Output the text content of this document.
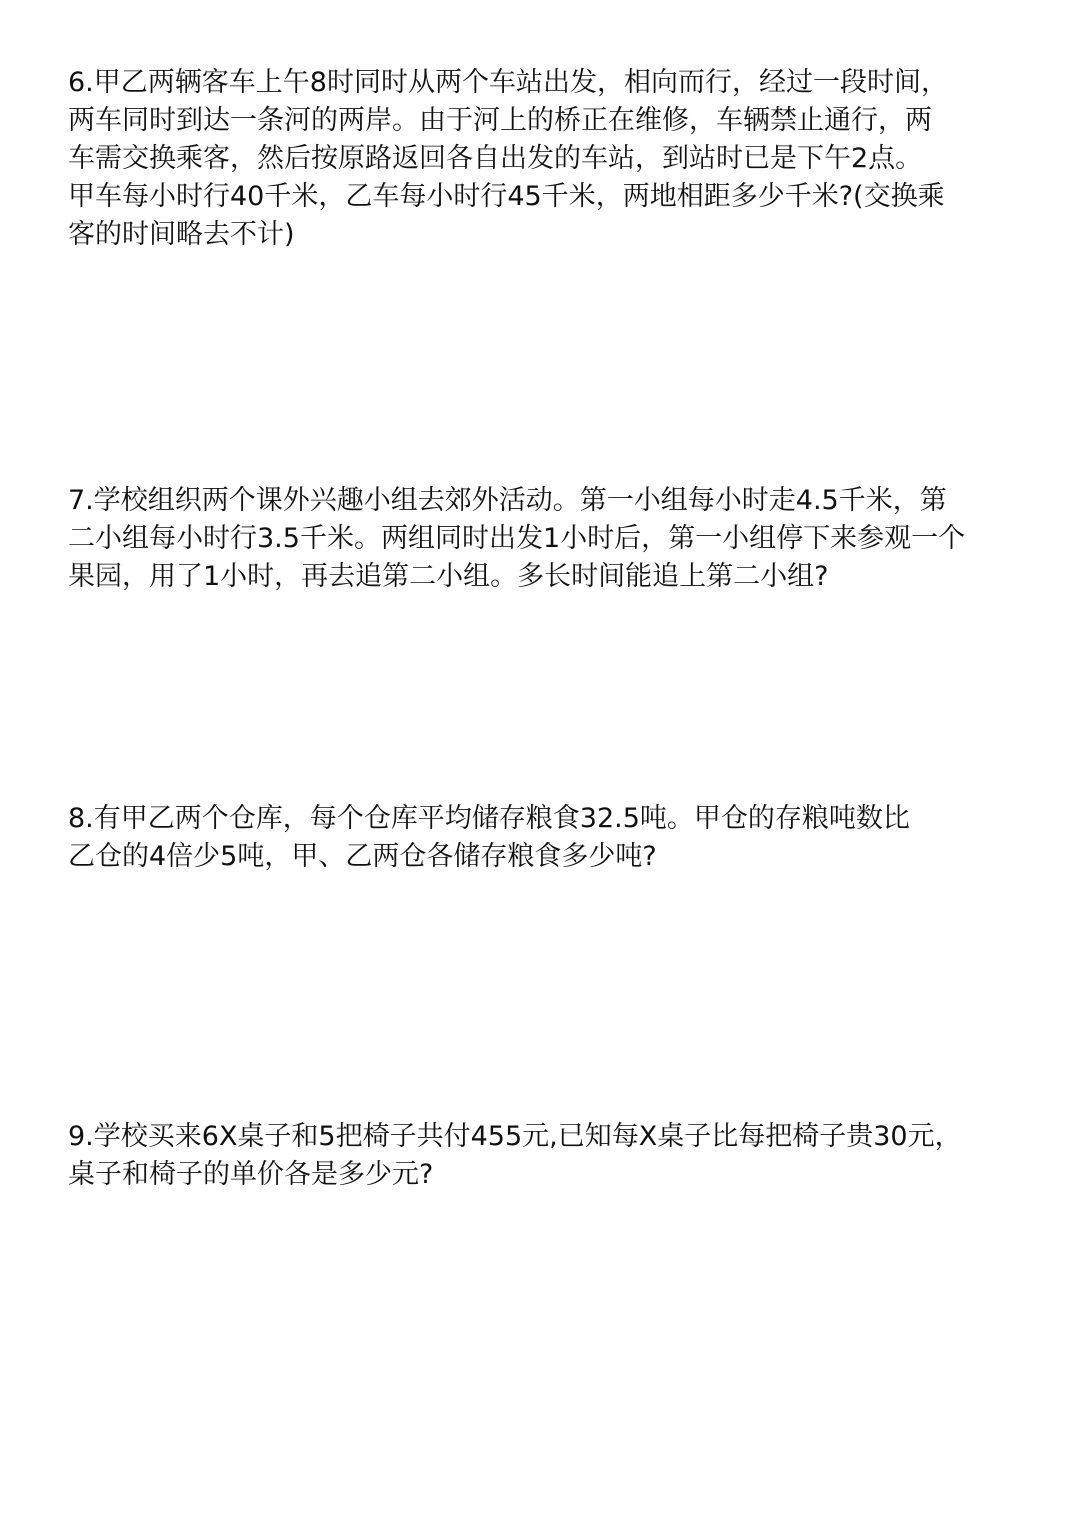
6.甲乙两辆客车上午8时同时从两个车站出发，相向而行，经过一段时间，
两车同时到达一条河的两岸。由于河上的桥正在维修，车辆禁止通行，两
车需交换乘客，然后按原路返回各自出发的车站，到站时已是下午2点。
甲车每小时行40千米，乙车每小时行45千米，两地相距多少千米?(交换乘
客的时间略去不计)
7.学校组织两个课外兴趣小组去郊外活动。第一小组每小时走4.5千米，第
二小组每小时行3.5千米。两组同时出发1小时后，第一小组停下来参观一个
果园，用了1小时，再去追第二小组。多长时间能追上第二小组?
8.有甲乙两个仓库，每个仓库平均储存粮食32.5吨。甲仓的存粮吨数比
乙仓的4倍少5吨，甲、乙两仓各储存粮食多少吨?
9.学校买来6X桌子和5把椅子共付455元,已知每X桌子比每把椅子贵30元，
桌子和椅子的单价各是多少元?
